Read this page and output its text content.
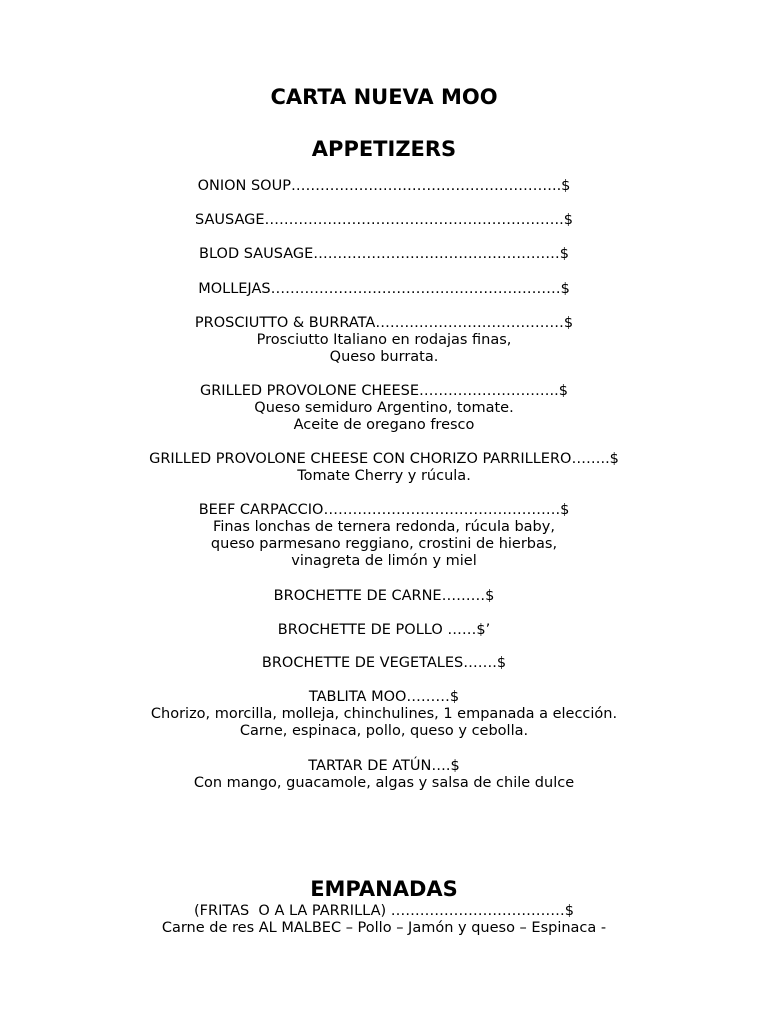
CARTA NUEVA MOO
APPETIZERS

ONION SOUP………………………………………………..$

SAUSAGE……………………………………………………..$

BLOD SAUSAGE……………………………………………$

MOLLEJAS……………………………………………………$

PROSCIUTTO & BURRATA…………………………………$

Prosciutto Italiano en rodajas finas,

Queso burrata.

GRILLED PROVOLONE CHEESE………………………..$

Queso semiduro Argentino, tomate.

Aceite de oregano fresco

GRILLED PROVOLONE CHEESE CON CHORIZO PARRILLERO……..$

Tomate Cherry y rúcula.

BEEF CARPACCIO………………………………………….$

Finas lonchas de ternera redonda, rúcula baby,

queso parmesano reggiano, crostini de hierbas,

vinagreta de limón y miel

BROCHETTE DE CARNE………$

BROCHETTE DE POLLO ……$’

BROCHETTE DE VEGETALES…….$

TABLITA MOO………$

Chorizo, morcilla, molleja, chinchulines, 1 empanada a elección.

Carne, espinaca, pollo, queso y cebolla.

TARTAR DE ATÚN….$

Con mango, guacamole, algas y salsa de chile dulce

EMPANADAS

(FRITAS  O A LA PARRILLA) ………………………………$

Carne de res AL MALBEC – Pollo – Jamón y queso – Espinaca -
